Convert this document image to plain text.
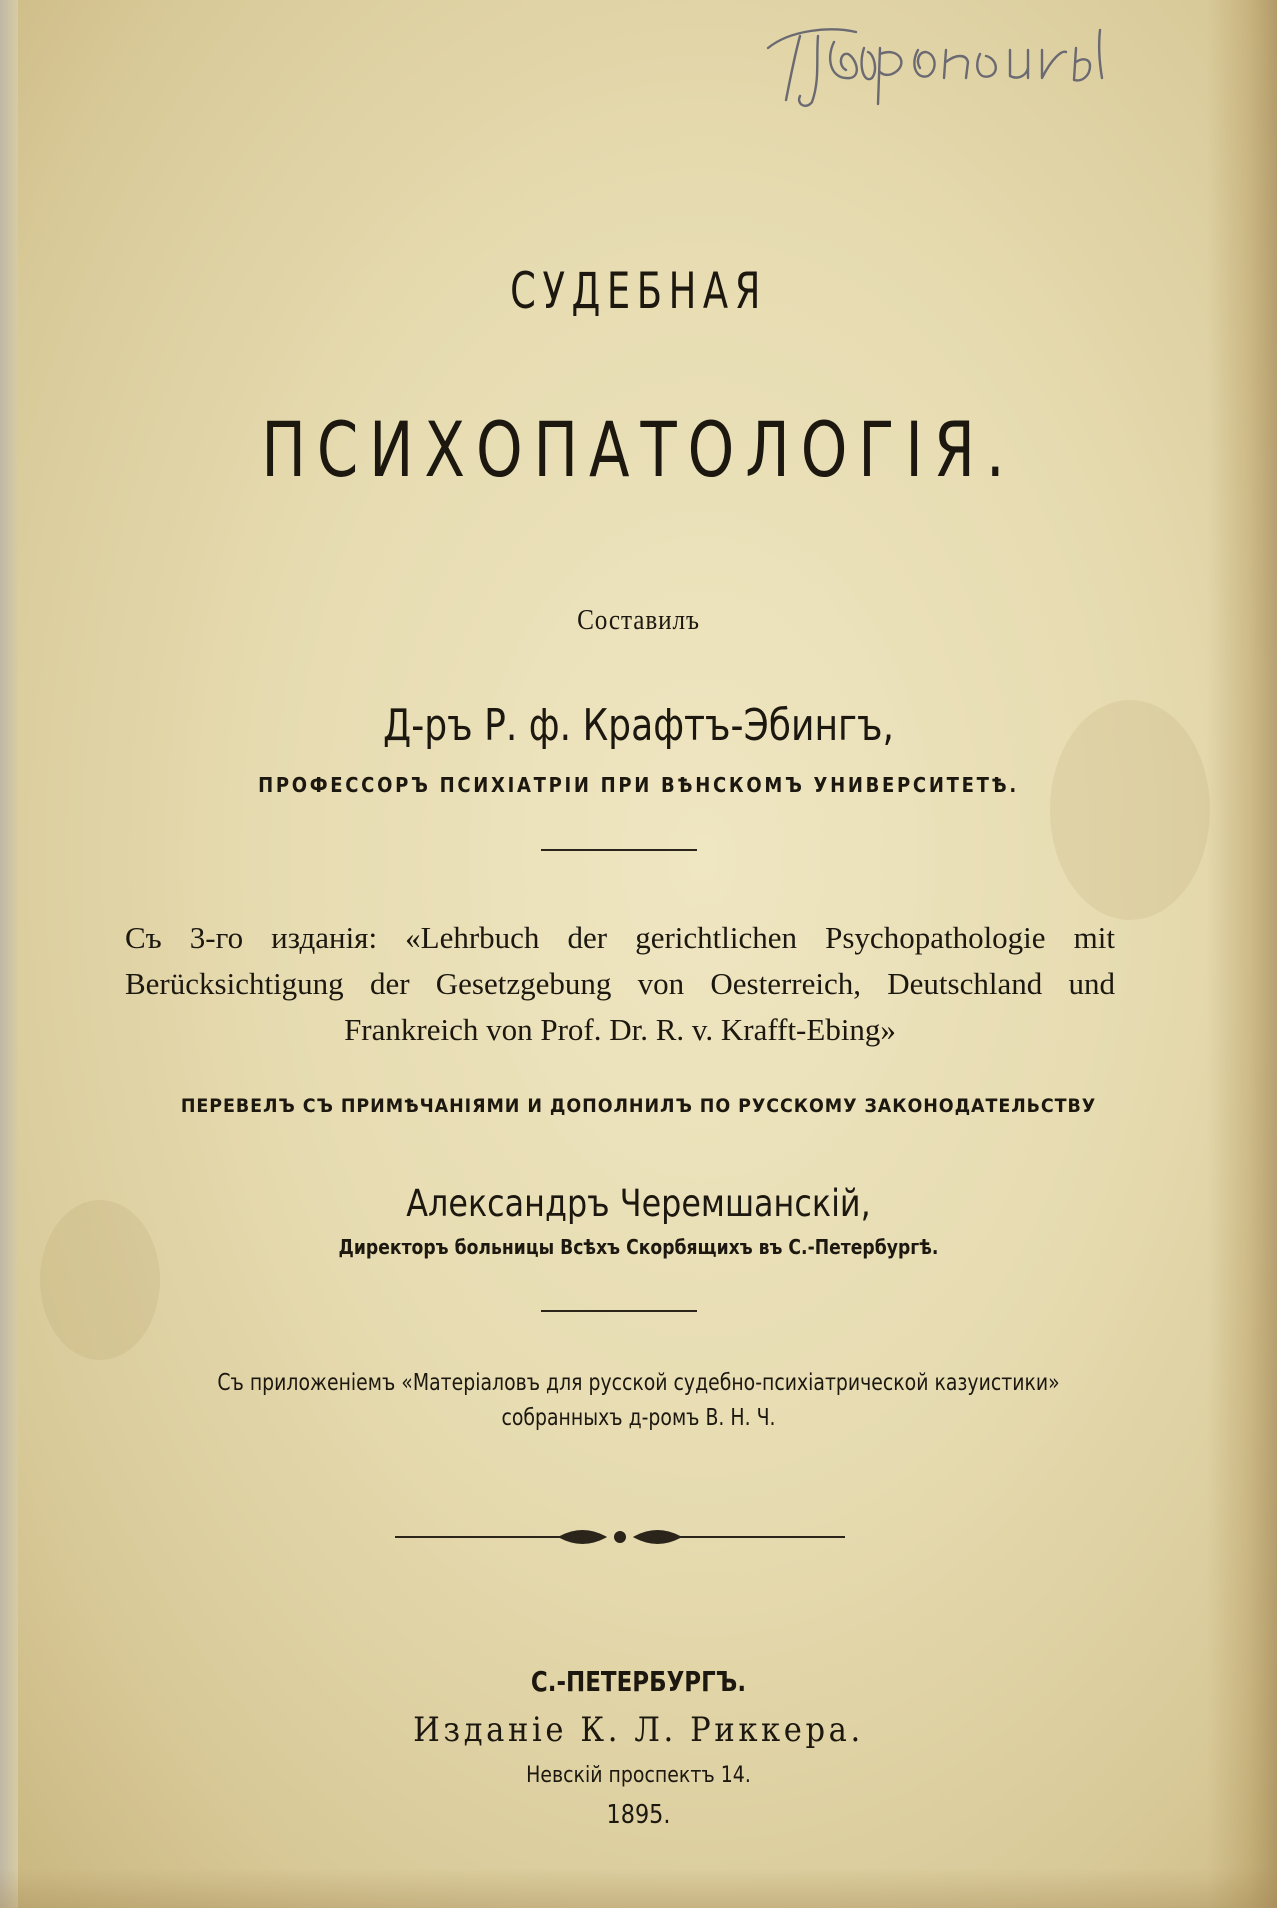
СУДЕБНАЯ
ПСИХОПАТОЛОГІЯ.
Составилъ
Д-ръ Р. ф. Крафтъ-Эбингъ,
ПРОФЕССОРЪ ПСИХІАТРІИ ПРИ ВѢНСКОМЪ УНИВЕРСИТЕТѢ.
Съ 3-го изданія: «Lehrbuch der gerichtlichen Psychopathologie mit Berücksichtigung der Gesetzgebung von Oesterreich, Deutschland und Frankreich von Prof. Dr. R. v. Krafft-Ebing»
ПЕРЕВЕЛЪ СЪ ПРИМѢЧАНІЯМИ И ДОПОЛНИЛЪ ПО РУССКОМУ ЗАКОНОДАТЕЛЬСТВУ
Александръ Черемшанскій,
Директоръ больницы Всѣхъ Скорбящихъ въ С.-Петербургѣ.
Съ приложеніемъ «Матеріаловъ для русской судебно-психіатрической казуистики»
собранныхъ д-ромъ В. Н. Ч.
С.-ПЕТЕРБУРГЪ.
Изданіе К. Л. Риккера.
Невскій проспектъ 14.
1895.
